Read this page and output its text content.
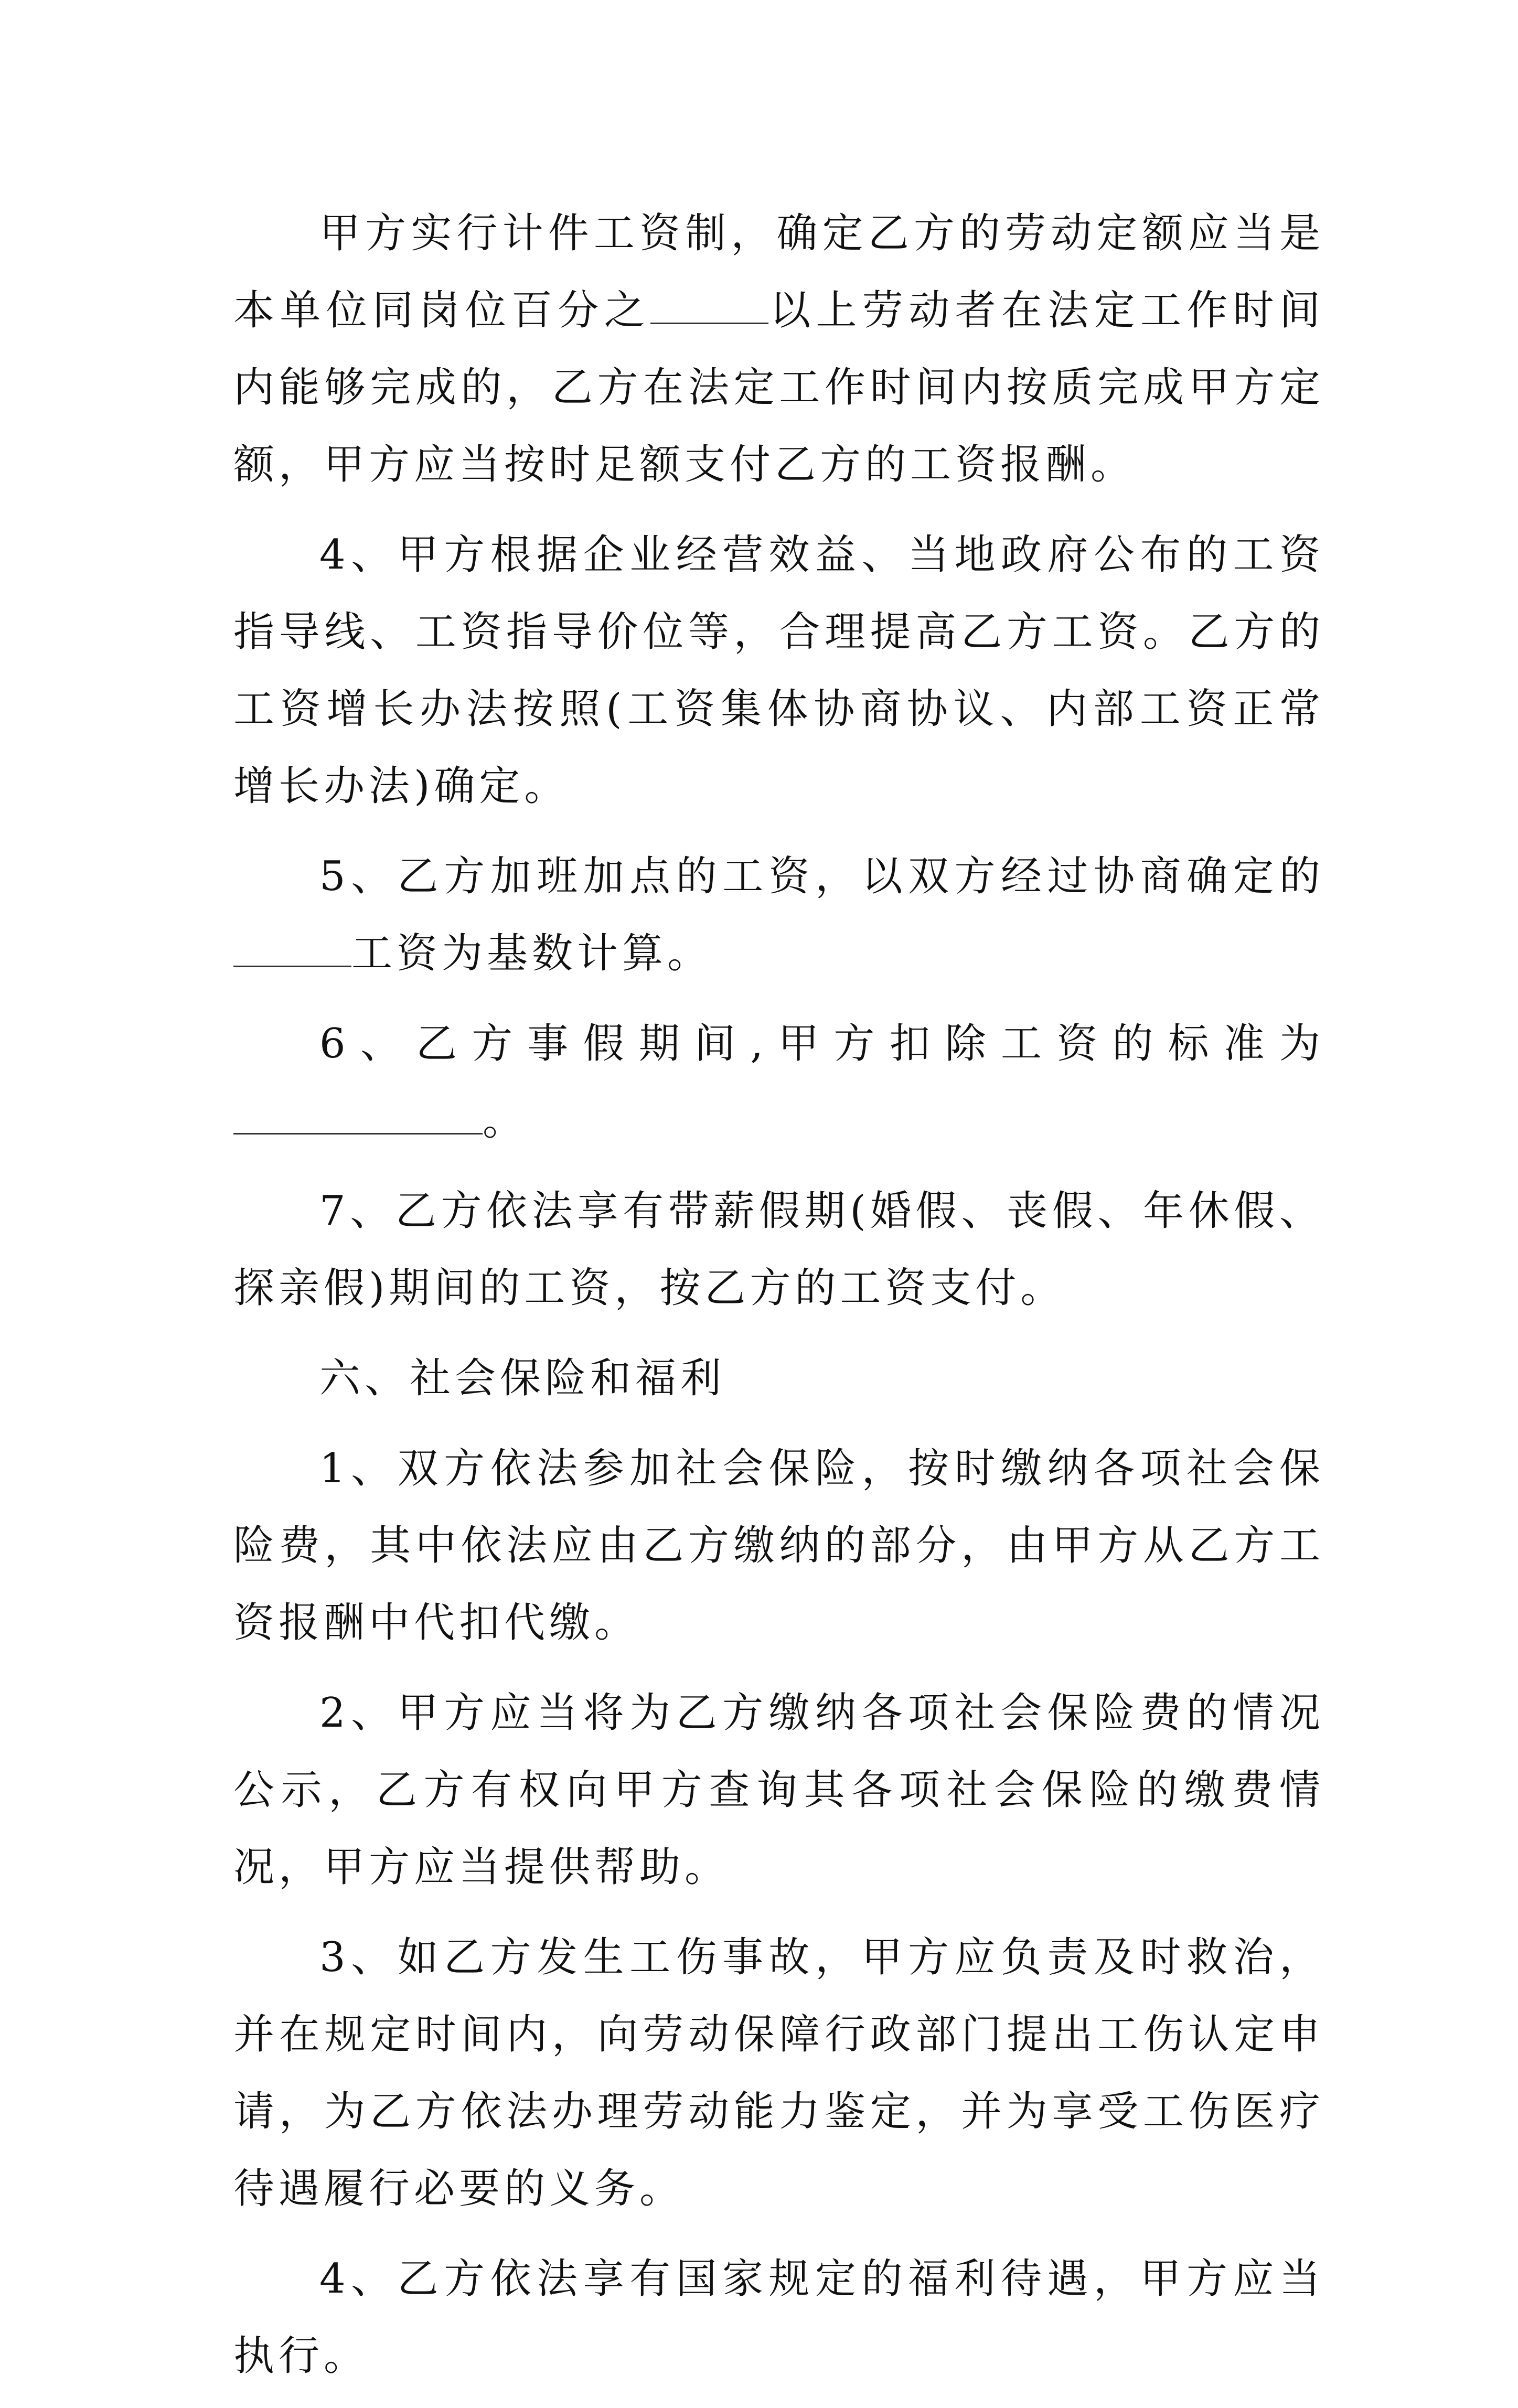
甲方实行计件工资制，确定乙方的劳动定额应当是本单位同岗位百分之	以上劳动者在法定工作时间内能够完成的，乙方在法定工作时间内按质完成甲方定额，甲方应当按时足额支付乙方的工资报酬。

4、甲方根据企业经营效益、当地政府公布的工资指导线、工资指导价位等，合理提高乙方工资。乙方的工资增长办法按照(工资集体协商协议、内部工资正常增长办法)确定。

5、乙方加班加点的工资，以双方经过协商确定的工资为基数计算。

6、乙方事假期间,甲方扣除工资的标准为。

7、乙方依法享有带薪假期(婚假、丧假、年休假、探亲假)期间的工资，按乙方的工资支付。

六、社会保险和福利

1、双方依法参加社会保险，按时缴纳各项社会保险费，其中依法应由乙方缴纳的部分，由甲方从乙方工资报酬中代扣代缴。

2、甲方应当将为乙方缴纳各项社会保险费的情况公示，乙方有权向甲方查询其各项社会保险的缴费情况，甲方应当提供帮助。

3、如乙方发生工伤事故，甲方应负责及时救治，并在规定时间内，向劳动保障行政部门提出工伤认定申请，为乙方依法办理劳动能力鉴定，并为享受工伤医疗待遇履行必要的义务。

4、乙方依法享有国家规定的福利待遇，甲方应当执行。
